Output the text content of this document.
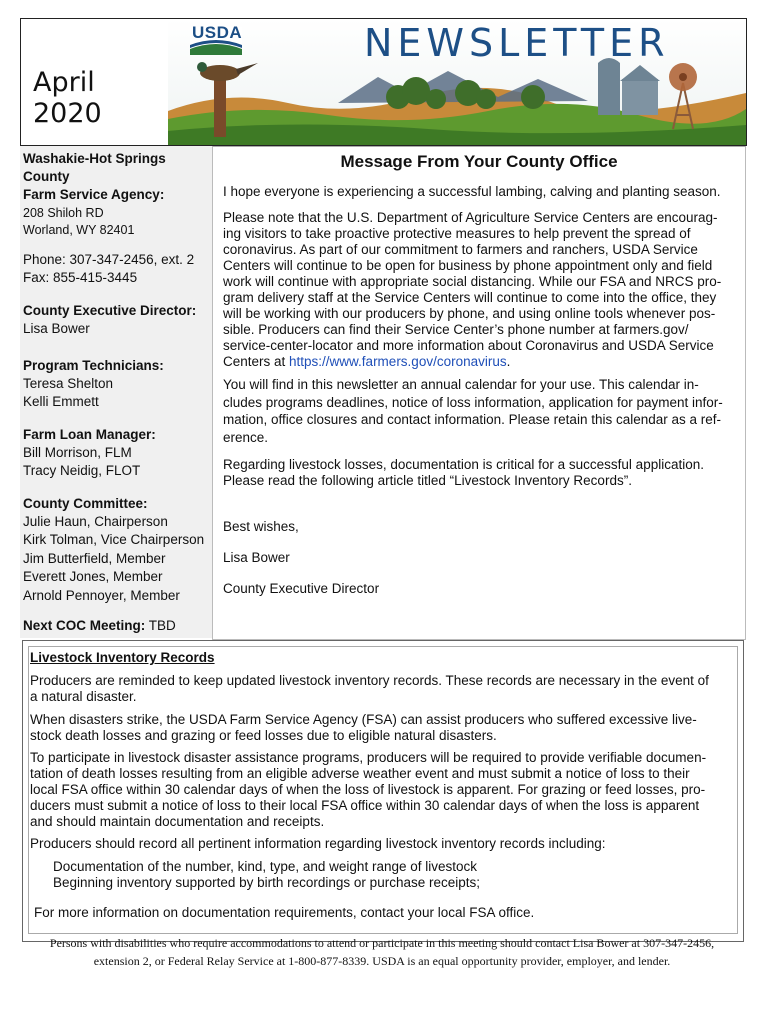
April 2020
USDA	NEWSLETTER
Washakie-Hot Springs
County
Farm Service Agency:
208 Shiloh RD
Worland, WY 82401
Phone: 307-347-2456, ext. 2
Fax: 855-415-3445
County Executive Director:
Lisa Bower
Program Technicians:
Teresa Shelton
Kelli Emmett
Farm Loan Manager:
Bill Morrison, FLM
Tracy Neidig, FLOT
County Committee:
Julie Haun, Chairperson
Kirk Tolman, Vice Chairperson
Jim Butterfield, Member
Everett Jones, Member
Arnold Pennoyer, Member
Next COC Meeting: TBD
Message From Your County Office
I hope everyone is experiencing a successful lambing, calving and planting season.
Please note that the U.S. Department of Agriculture Service Centers are encourag-
ing visitors to take proactive protective measures to help prevent the spread of
coronavirus. As part of our commitment to farmers and ranchers, USDA Service
Centers will continue to be open for business by phone appointment only and field
work will continue with appropriate social distancing. While our FSA and NRCS pro-
gram delivery staff at the Service Centers will continue to come into the office, they
will be working with our producers by phone, and using online tools whenever pos-
sible. Producers can find their Service Center’s phone number at farmers.gov/
service-center-locator and more information about Coronavirus and USDA Service
Centers at https://www.farmers.gov/coronavirus.
You will find in this newsletter an annual calendar for your use. This calendar in-
cludes programs deadlines, notice of loss information, application for payment infor-
mation, office closures and contact information. Please retain this calendar as a ref-
erence.
Regarding livestock losses, documentation is critical for a successful application.
Please read the following article titled “Livestock Inventory Records”.
Best wishes,
Lisa Bower
County Executive Director
Livestock Inventory Records
Producers are reminded to keep updated livestock inventory records. These records are necessary in the event of
a natural disaster.
When disasters strike, the USDA Farm Service Agency (FSA) can assist producers who suffered excessive live-
stock death losses and grazing or feed losses due to eligible natural disasters.
To participate in livestock disaster assistance programs, producers will be required to provide verifiable documen-
tation of death losses resulting from an eligible adverse weather event and must submit a notice of loss to their
local FSA office within 30 calendar days of when the loss of livestock is apparent. For grazing or feed losses, pro-
ducers must submit a notice of loss to their local FSA office within 30 calendar days of when the loss is apparent
and should maintain documentation and receipts.
Producers should record all pertinent information regarding livestock inventory records including:
Documentation of the number, kind, type, and weight range of livestock
Beginning inventory supported by birth recordings or purchase receipts;
For more information on documentation requirements, contact your local FSA office.
Persons with disabilities who require accommodations to attend or participate in this meeting should contact Lisa Bower at 307-347-2456,
extension 2, or Federal Relay Service at 1-800-877-8339. USDA is an equal opportunity provider, employer, and lender.
